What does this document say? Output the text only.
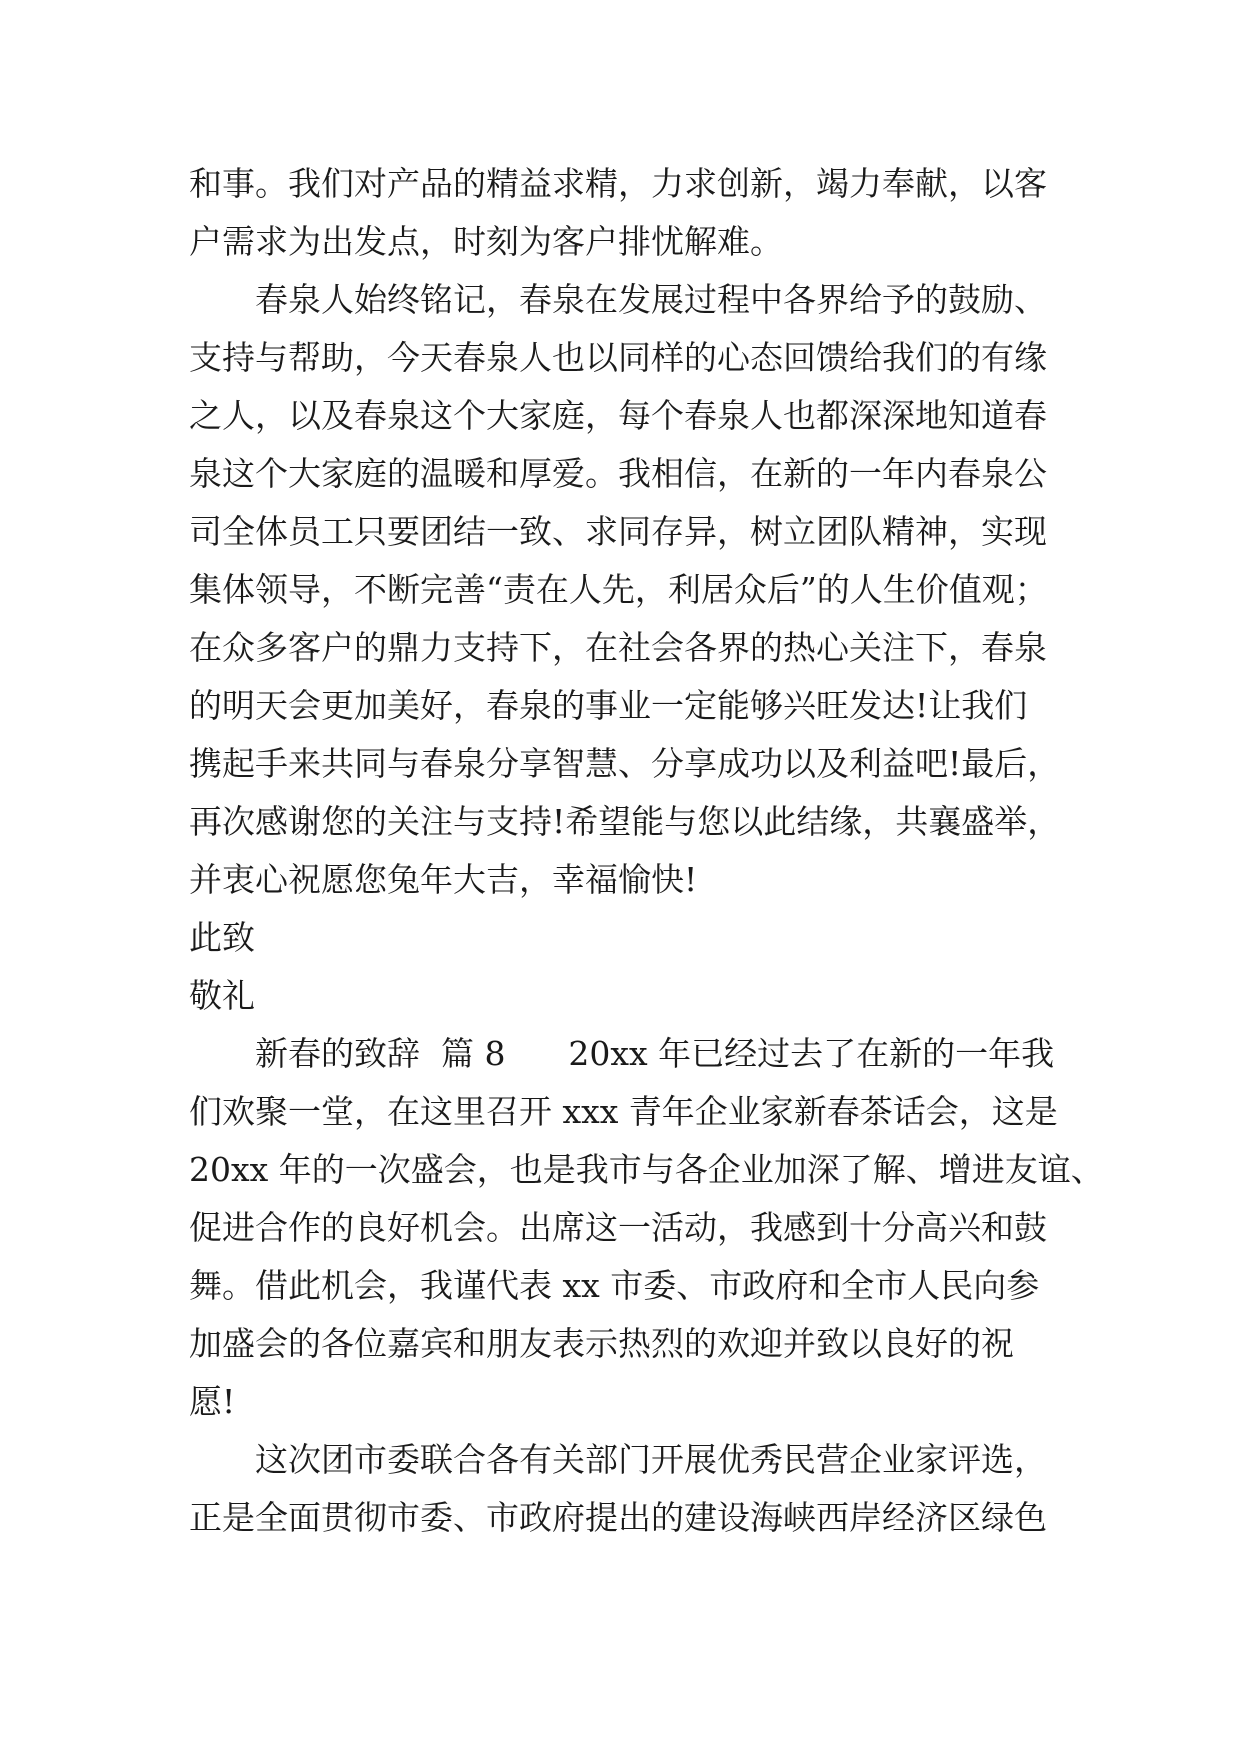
和事。我们对产品的精益求精，力求创新，竭力奉献，以客
户需求为出发点，时刻为客户排忧解难。
春泉人始终铭记，春泉在发展过程中各界给予的鼓励、
支持与帮助，今天春泉人也以同样的心态回馈给我们的有缘
之人，以及春泉这个大家庭，每个春泉人也都深深地知道春
泉这个大家庭的温暖和厚爱。我相信，在新的一年内春泉公
司全体员工只要团结一致、求同存异，树立团队精神，实现
集体领导，不断完善“责在人先，利居众后”的人生价值观；
在众多客户的鼎力支持下，在社会各界的热心关注下，春泉
的明天会更加美好，春泉的事业一定能够兴旺发达!让我们
携起手来共同与春泉分享智慧、分享成功以及利益吧!最后，
再次感谢您的关注与支持!希望能与您以此结缘，共襄盛举，
并衷心祝愿您兔年大吉，幸福愉快!
此致
敬礼
新春的致辞  篇 8      20xx 年已经过去了在新的一年我
们欢聚一堂，在这里召开 xxx 青年企业家新春茶话会，这是
20xx 年的一次盛会，也是我市与各企业加深了解、增进友谊、
促进合作的良好机会。出席这一活动，我感到十分高兴和鼓
舞。借此机会，我谨代表 xx 市委、市政府和全市人民向参
加盛会的各位嘉宾和朋友表示热烈的欢迎并致以良好的祝
愿!
这次团市委联合各有关部门开展优秀民营企业家评选，
正是全面贯彻市委、市政府提出的建设海峡西岸经济区绿色
